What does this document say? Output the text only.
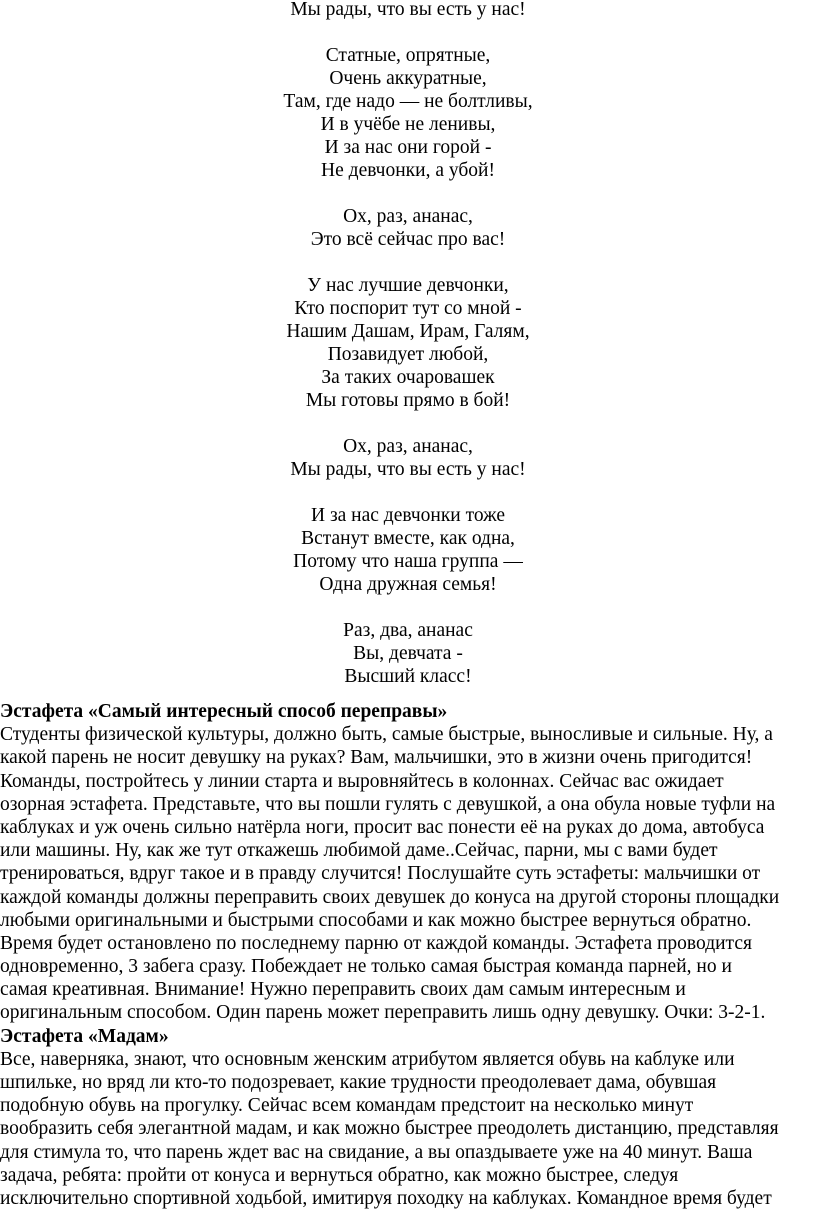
Мы рады, что вы есть у нас!
Статные, опрятные,
Очень аккуратные,
Там, где надо — не болтливы,
И в учёбе не ленивы,
И за нас они горой -
Не девчонки, а убой!
Ох, раз, ананас,
Это всё сейчас про вас!
У нас лучшие девчонки,
Кто поспорит тут со мной -
Нашим Дашам, Ирам, Галям,
Позавидует любой,
За таких очаровашек
Мы готовы прямо в бой!
Ох, раз, ананас,
Мы рады, что вы есть у нас!
И за нас девчонки тоже
Встанут вместе, как одна,
Потому что наша группа —
Одна дружная семья!
Раз, два, ананас
Вы, девчата -
Высший класс!
Эстафета «Самый интересный способ переправы»
Студенты физической культуры, должно быть, самые быстрые, выносливые и сильные. Ну, а
какой парень не носит девушку на руках? Вам, мальчишки, это в жизни очень пригодится!
Команды, постройтесь у линии старта и выровняйтесь в колоннах. Сейчас вас ожидает
озорная эстафета. Представьте, что вы пошли гулять с девушкой, а она обула новые туфли на
каблуках и уж очень сильно натёрла ноги, просит вас понести её на руках до дома, автобуса
или машины. Ну, как же тут откажешь любимой даме..Сейчас, парни, мы с вами будет
тренироваться, вдруг такое и в правду случится! Послушайте суть эстафеты: мальчишки от
каждой команды должны переправить своих девушек до конуса на другой стороны площадки
любыми оригинальными и быстрыми способами и как можно быстрее вернуться обратно.
Время будет остановлено по последнему парню от каждой команды. Эстафета проводится
одновременно, 3 забега сразу. Побеждает не только самая быстрая команда парней, но и
самая креативная. Внимание! Нужно переправить своих дам самым интересным и
оригинальным способом. Один парень может переправить лишь одну девушку. Очки: 3-2-1.
Эстафета «Мадам»
Все, наверняка, знают, что основным женским атрибутом является обувь на каблуке или
шпильке, но вряд ли кто-то подозревает, какие трудности преодолевает дама, обувшая
подобную обувь на прогулку. Сейчас всем командам предстоит на несколько минут
вообразить себя элегантной мадам, и как можно быстрее преодолеть дистанцию, представляя
для стимула то, что парень ждет вас на свидание, а вы опаздываете уже на 40 минут. Ваша
задача, ребята: пройти от конуса и вернуться обратно, как можно быстрее, следуя
исключительно спортивной ходьбой, имитируя походку на каблуках. Командное время будет
